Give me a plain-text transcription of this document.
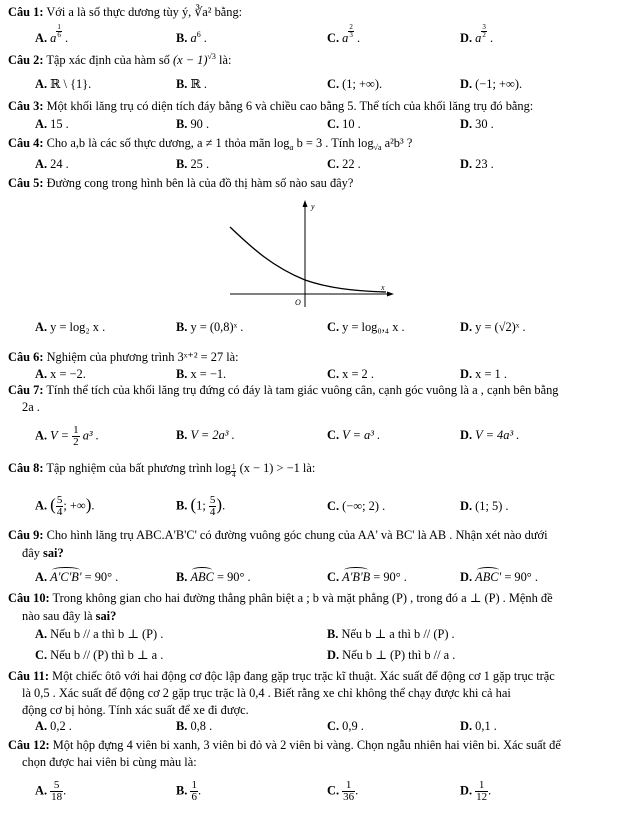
Câu 1: Với a là số thực dương tùy ý, ∛a² bằng:
A. a $\frac{1}{6}$ .	B. $a^6$ .	C. a $\frac{2}{3}$ .	D. a $\frac{3}{2}$ .
Câu 2: Tập xác định của hàm số $(x - 1)^{√3}$ là:
A. ℝ \ {1}.	B. ℝ .	C. (1; +∞).	D. (−1; +∞).
Câu 3: Một khối lăng trụ có diện tích đáy bằng 6 và chiều cao bằng 5. Thể tích của khối lăng trụ đó bằng:
A. 15 .	B. 90 .	C. 10 .	D. 30 .
Câu 4: Cho a,b là các số thực dương, a ≠ 1 thỏa mãn $\log_a b = 3$ . Tính $\log_{√a} a^2b^3$ ?
A. 24 .	B. 25 .	C. 22 .	D. 23 .
Câu 5: Đường cong trong hình bên là của đồ thị hàm số nào sau đây?
y
x
O
A. y = log₂ x .	B. y = (0,8)ˣ .	C. y = log₀,₄ x .	D. y = (√2)ˣ .
Câu 6: Nghiệm của phương trình 3ˣ⁺² = 27 là:
A. x = −2.	B. x = −1.	C. x = 2 .	D. x = 1 .
Câu 7: Tính thể tích của khối lăng trụ đứng có đáy là tam giác vuông cân, cạnh góc vuông là a , cạnh bên bằng
2a .
A. $V = \frac{1}{2} a^3$ .	B. V = 2a³ .	C. V = a³ .	D. V = 4a³ .
Câu 8: Tập nghiệm của bất phương trình $\log \frac{1}{4} (x - 1) > -1$ là:
A. ( $\frac{5}{4}$ ; +∞).	B. (1; $\frac{5}{4}$ ).	C. (−∞; 2) .	D. (1; 5) .
Câu 9: Cho hình lăng trụ ABC.A'B'C' có đường vuông góc chung của AA' và BC' là AB . Nhận xét nào dưới
đây sai?
A. A'C'B' = 90° .	B. ABC = 90° .	C. A'B'B = 90° .	D. ABC' = 90° .
Câu 10: Trong không gian cho hai đường thẳng phân biệt a ; b và mặt phẳng (P) , trong đó a ⊥ (P) . Mệnh đề
nào sau đây là sai?
A. Nếu b // a thì b ⊥ (P) .	B. Nếu b ⊥ a thì b // (P) .
C. Nếu b // (P) thì b ⊥ a .	D. Nếu b ⊥ (P) thì b // a .
Câu 11: Một chiếc ôtô với hai động cơ độc lập đang gặp trục trặc kĩ thuật. Xác suất để động cơ 1 gặp trục trặc
là 0,5 . Xác suất để động cơ 2 gặp trục trặc là 0,4 . Biết rằng xe chỉ không thể chạy được khi cả hai
động cơ bị hỏng. Tính xác suất để xe đi được.
A. 0,2 .	B. 0,8 .	C. 0,9 .	D. 0,1 .
Câu 12: Một hộp đựng 4 viên bi xanh, 3 viên bi đỏ và 2 viên bi vàng. Chọn ngẫu nhiên hai viên bi. Xác suất để
chọn được hai viên bi cùng màu là:
A. $\frac{5}{18}$ .	B. $\frac{1}{6}$ .	C. $\frac{1}{36}$ .	D. $\frac{1}{12}$ .
